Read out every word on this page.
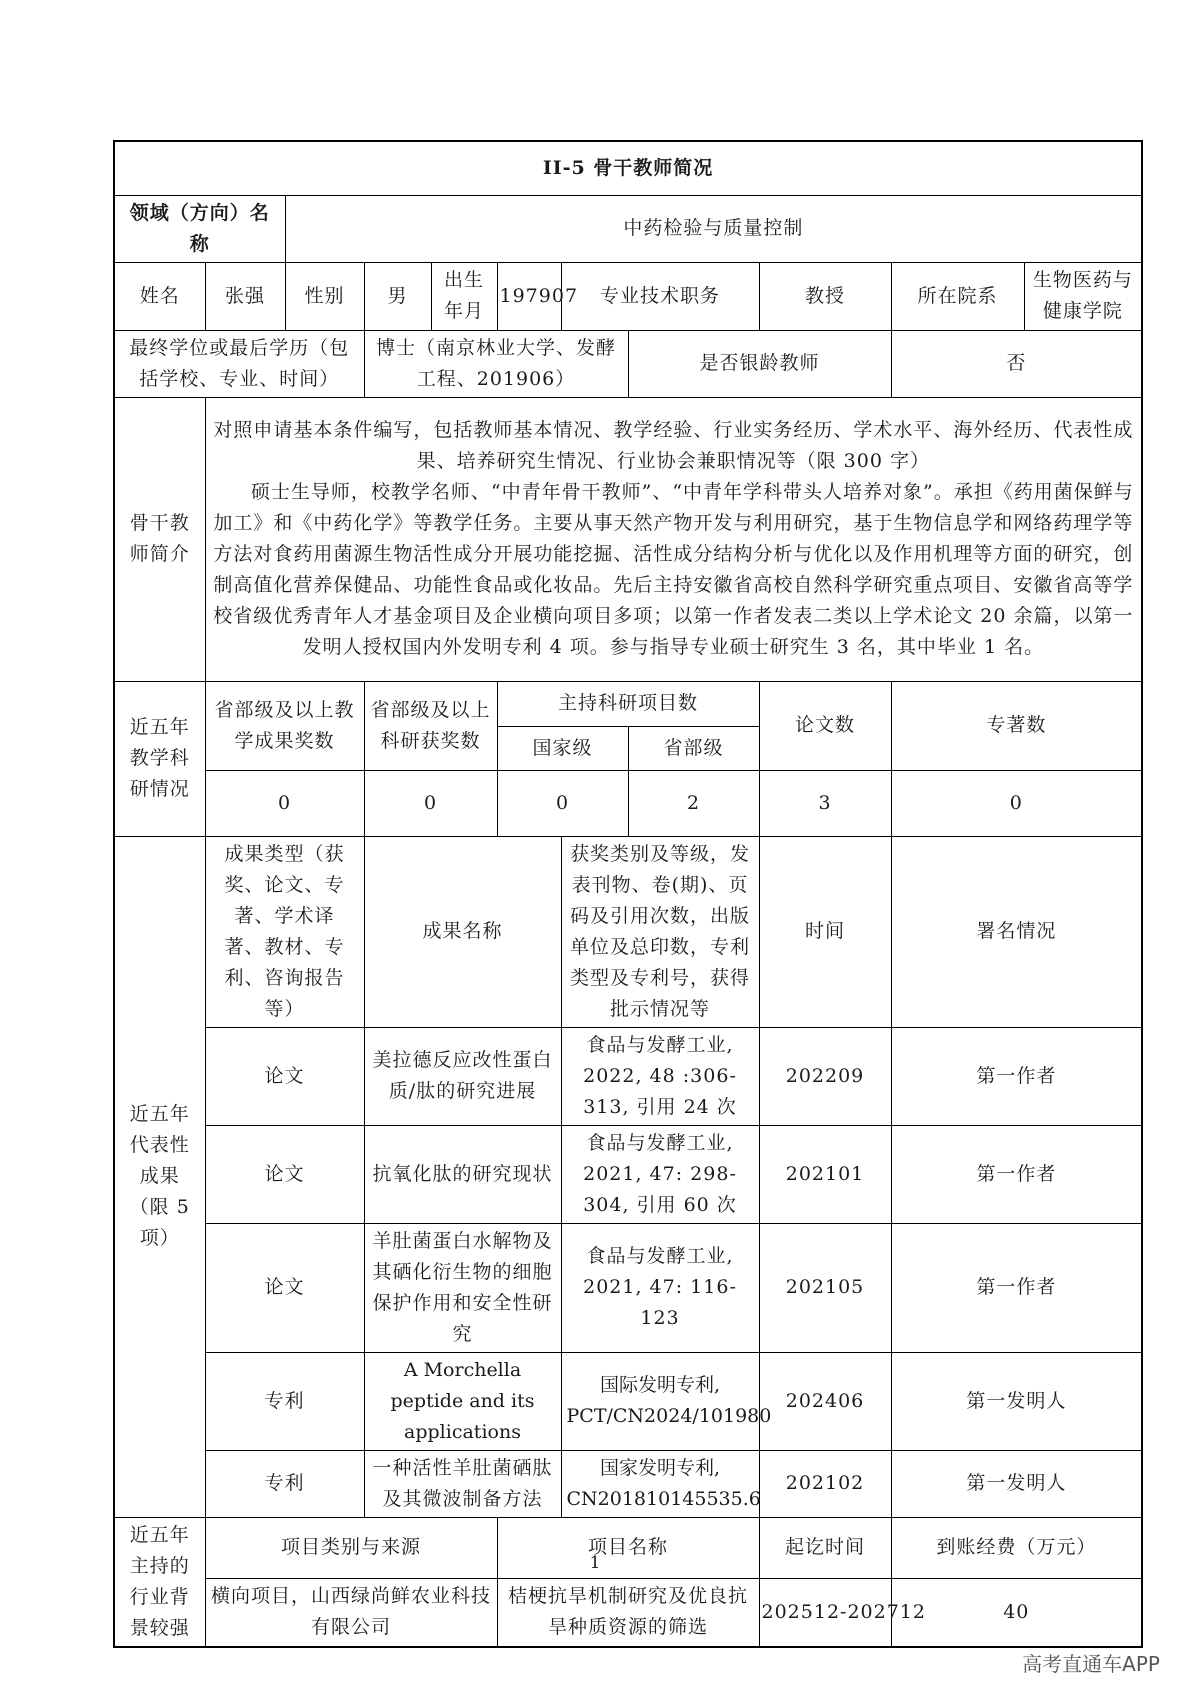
II-5 骨干教师简况										
领域（方向）名称		中药检验与质量控制								
姓名	张强	性别	男	出生年月	197907	专业技术职务		教授	所在院系	生物医药与健康学院
最终学位或最后学历（包括学校、专业、时间）			博士（南京林业大学、发酵工程、201906）				是否银龄教师		否	
骨干教师简介	对照申请基本条件编写，包括教师基本情况、教学经验、行业实务经历、学术水平、海外经历、代表性成果、培养研究生情况、行业协会兼职情况等（限 300 字）

硕士生导师，校教学名师、“中青年骨干教师”、“中青年学科带头人培养对象”。承担《药用菌保鲜与加工》和《中药化学》等教学任务。主要从事天然产物开发与利用研究，基于生物信息学和网络药理学等方法对食药用菌源生物活性成分开展功能挖掘、活性成分结构分析与优化以及作用机理等方面的研究，创制高值化营养保健品、功能性食品或化妆品。先后主持安徽省高校自然科学研究重点项目、安徽省高等学校省级优秀青年人才基金项目及企业横向项目多项；以第一作者发表二类以上学术论文 20 余篇，以第一发明人授权国内外发明专利 4 项。参与指导专业硕士研究生 3 名，其中毕业 1 名。									

近五年教学科研情况	省部级及以上教学成果奖数		省部级及以上科研获奖数		主持科研项目数			论文数	专著数	
					国家级		省部级			
	0		0		0		2	3	0	
近五年代表性成果（限 5 项）	成果类型（获奖、论文、专著、学术译著、教材、专利、咨询报告等）		成果名称			获奖类别及等级，发表刊物、卷(期)、页码及引用次数，出版单位及总印数，专利类型及专利号，获得批示情况等		时间	署名情况	
	论文		美拉德反应改性蛋白质/肽的研究进展			食品与发酵工业, 2022, 48 :306-313, 引用 24 次		202209	第一作者	
	论文		抗氧化肽的研究现状			食品与发酵工业, 2021, 47: 298-304, 引用 60 次		202101	第一作者	
	论文		羊肚菌蛋白水解物及其硒化衍生物的细胞保护作用和安全性研究			食品与发酵工业, 2021, 47: 116-123		202105	第一作者	
	专利		A Morchella peptide and its applications			国际发明专利, PCT/CN2024/101980		202406	第一发明人	
	专利		一种活性羊肚菌硒肽及其微波制备方法			国家发明专利, CN201810145535.6		202102	第一发明人	
近五年主持的行业背景较强	项目类别与来源				项目名称			起讫时间	到账经费（万元）	
	横向项目，山西绿尚鲜农业科技有限公司				桔梗抗旱机制研究及优良抗旱种质资源的筛选			202512-202712	40	
1
高考直通车APP
